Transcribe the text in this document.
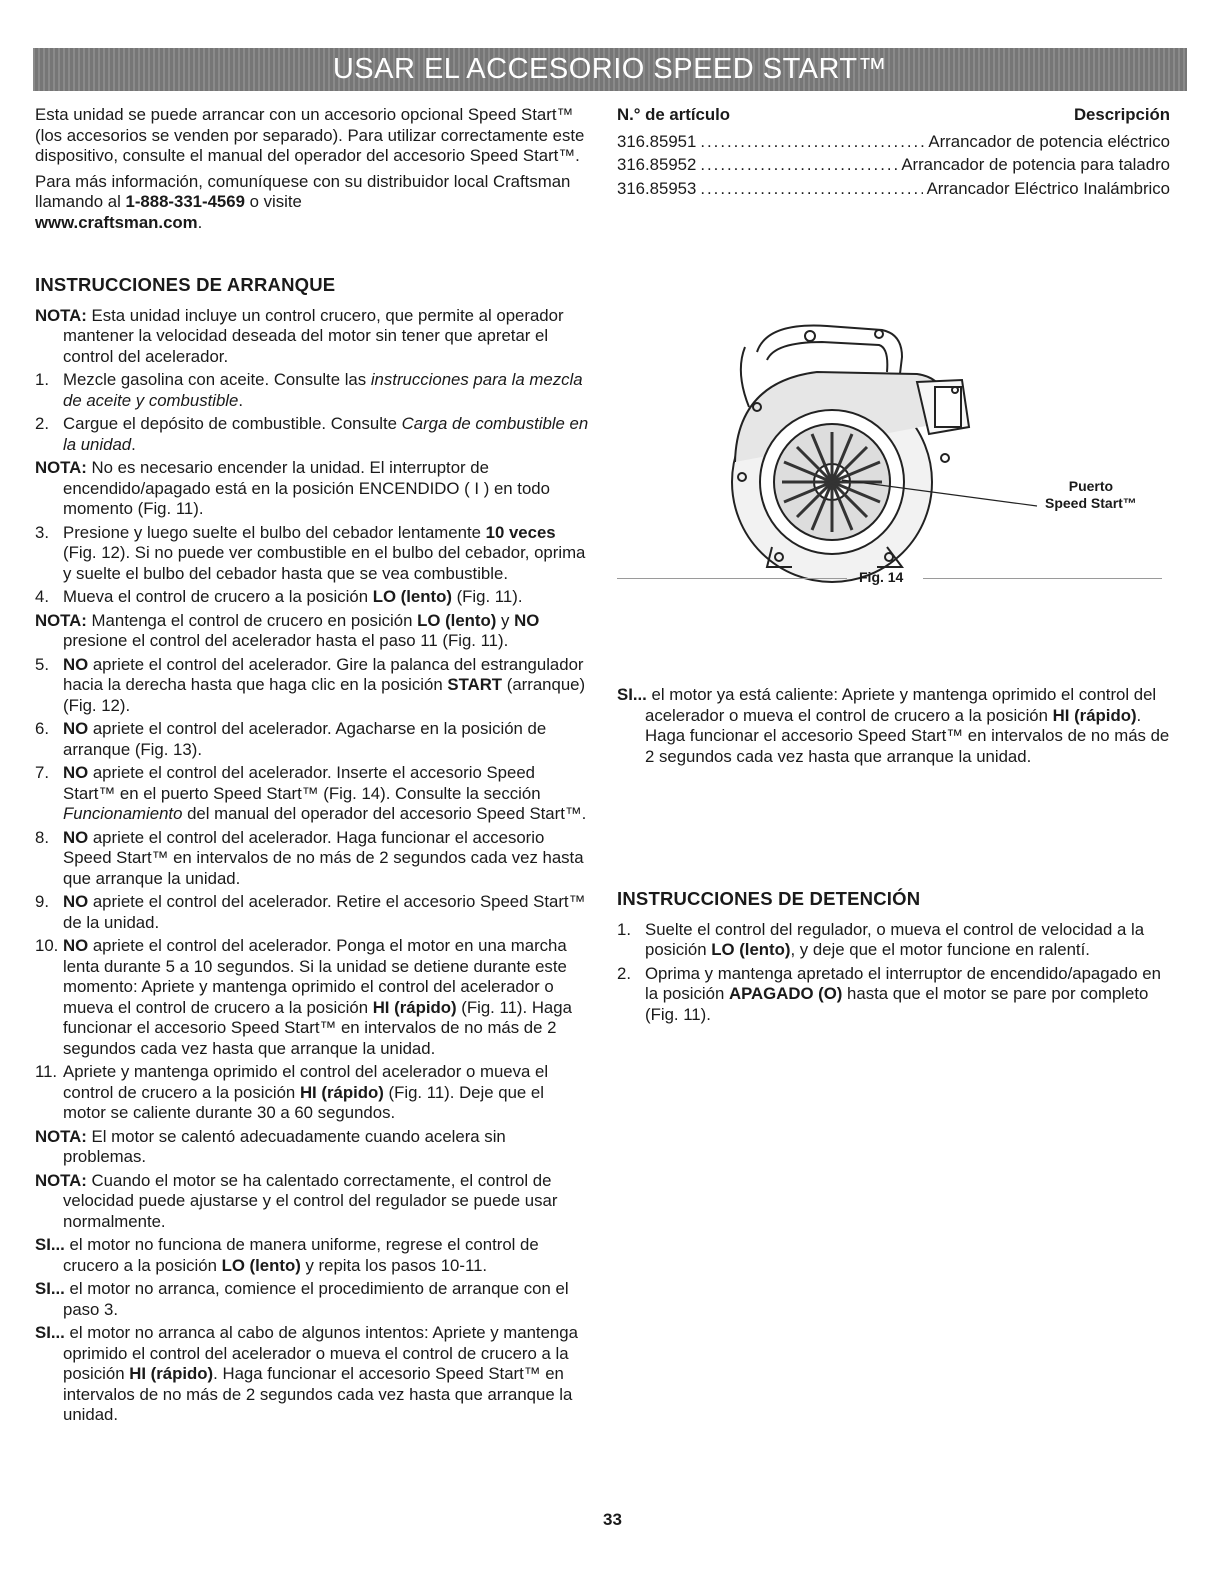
USAR EL ACCESORIO SPEED START™

Esta unidad se puede arrancar con un accesorio opcional Speed Start™ (los accesorios se venden por separado). Para utilizar correctamente este dispositivo, consulte el manual del operador del accesorio Speed Start™.

Para más información, comuníquese con su distribuidor local Craftsman llamando al 1-888-331-4569 o visite
www.craftsman.com.

INSTRUCCIONES DE ARRANQUE

NOTA: Esta unidad incluye un control crucero, que permite al operador mantener la velocidad deseada del motor sin tener que apretar el control del acelerador.

1. Mezcle gasolina con aceite. Consulte las instrucciones para la mezcla de aceite y combustible.
2. Cargue el depósito de combustible. Consulte Carga de combustible en la unidad.

NOTA: No es necesario encender la unidad. El interruptor de encendido/apagado está en la posición ENCENDIDO ( I ) en todo momento (Fig. 11).

3. Presione y luego suelte el bulbo del cebador lentamente 10 veces (Fig. 12). Si no puede ver combustible en el bulbo del cebador, oprima y suelte el bulbo del cebador hasta que se vea combustible.
4. Mueva el control de crucero a la posición LO (lento) (Fig. 11).

NOTA: Mantenga el control de crucero en posición LO (lento) y NO presione el control del acelerador hasta el paso 11 (Fig. 11).

5. NO apriete el control del acelerador. Gire la palanca del estrangulador hacia la derecha hasta que haga clic en la posición START (arranque) (Fig. 12).
6. NO apriete el control del acelerador. Agacharse en la posición de arranque (Fig. 13).
7. NO apriete el control del acelerador. Inserte el accesorio Speed Start™ en el puerto Speed Start™ (Fig. 14). Consulte la sección Funcionamiento del manual del operador del accesorio Speed Start™.
8. NO apriete el control del acelerador. Haga funcionar el accesorio Speed Start™ en intervalos de no más de 2 segundos cada vez hasta que arranque la unidad.
9. NO apriete el control del acelerador. Retire el accesorio Speed Start™ de la unidad.
10. NO apriete el control del acelerador. Ponga el motor en una marcha lenta durante 5 a 10 segundos. Si la unidad se detiene durante este momento: Apriete y mantenga oprimido el control del acelerador o mueva el control de crucero a la posición HI (rápido) (Fig. 11). Haga funcionar el accesorio Speed Start™ en intervalos de no más de 2 segundos cada vez hasta que arranque la unidad.
11. Apriete y mantenga oprimido el control del acelerador o mueva el control de crucero a la posición HI (rápido) (Fig. 11). Deje que el motor se caliente durante 30 a 60 segundos.

NOTA: El motor se calentó adecuadamente cuando acelera sin problemas.

NOTA: Cuando el motor se ha calentado correctamente, el control de velocidad puede ajustarse y el control del regulador se puede usar normalmente.

SI... el motor no funciona de manera uniforme, regrese el control de crucero a la posición LO (lento) y repita los pasos 10-11.

SI... el motor no arranca, comience el procedimiento de arranque con el paso 3.

SI... el motor no arranca al cabo de algunos intentos: Apriete y mantenga oprimido el control del acelerador o mueva el control de crucero a la posición HI (rápido). Haga funcionar el accesorio Speed Start™ en intervalos de no más de 2 segundos cada vez hasta que arranque la unidad.

N.° de artículo	Descripción
316.85951 .....	Arrancador de potencia eléctrico
316.85952 .....	Arrancador de potencia para taladro
316.85953 .....	Arrancador Eléctrico Inalámbrico
Puerto
Speed Start™
Fig. 14

SI... el motor ya está caliente: Apriete y mantenga oprimido el control del acelerador o mueva el control de crucero a la posición HI (rápido). Haga funcionar el accesorio Speed Start™ en intervalos de no más de 2 segundos cada vez hasta que arranque la unidad.

INSTRUCCIONES DE DETENCIÓN
1. Suelte el control del regulador, o mueva el control de velocidad a la posición LO (lento), y deje que el motor funcione en ralentí.
2. Oprima y mantenga apretado el interruptor de encendido/apagado en la posición APAGADO (O) hasta que el motor se pare por completo (Fig. 11).
33
